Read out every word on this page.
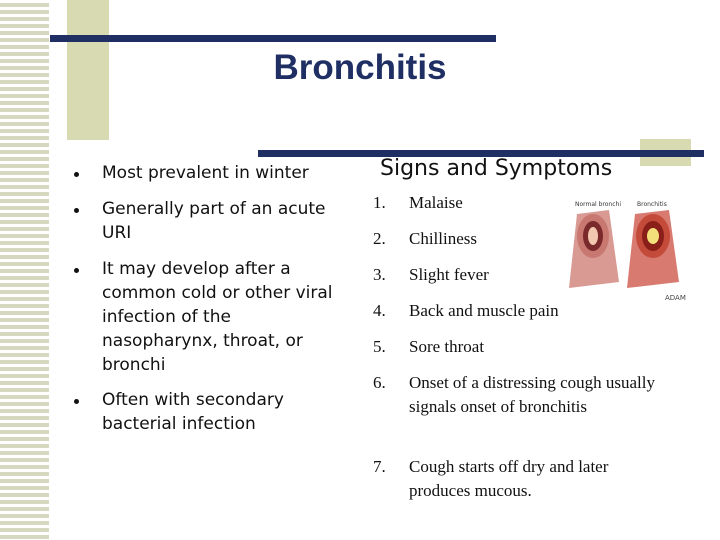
Bronchitis
Most prevalent in winter
Generally part of an acute URI
It may develop after a common cold or other viral infection of the nasopharynx, throat, or bronchi
Often with secondary bacterial infection
Signs and Symptoms
1. Malaise
2. Chilliness
3. Slight fever
4. Back and muscle pain
5. Sore throat
6. Onset of a distressing cough usually signals onset of bronchitis
7. Cough starts off dry and later produces mucous.
Normal bronchi	Bronchitis
ADAM
